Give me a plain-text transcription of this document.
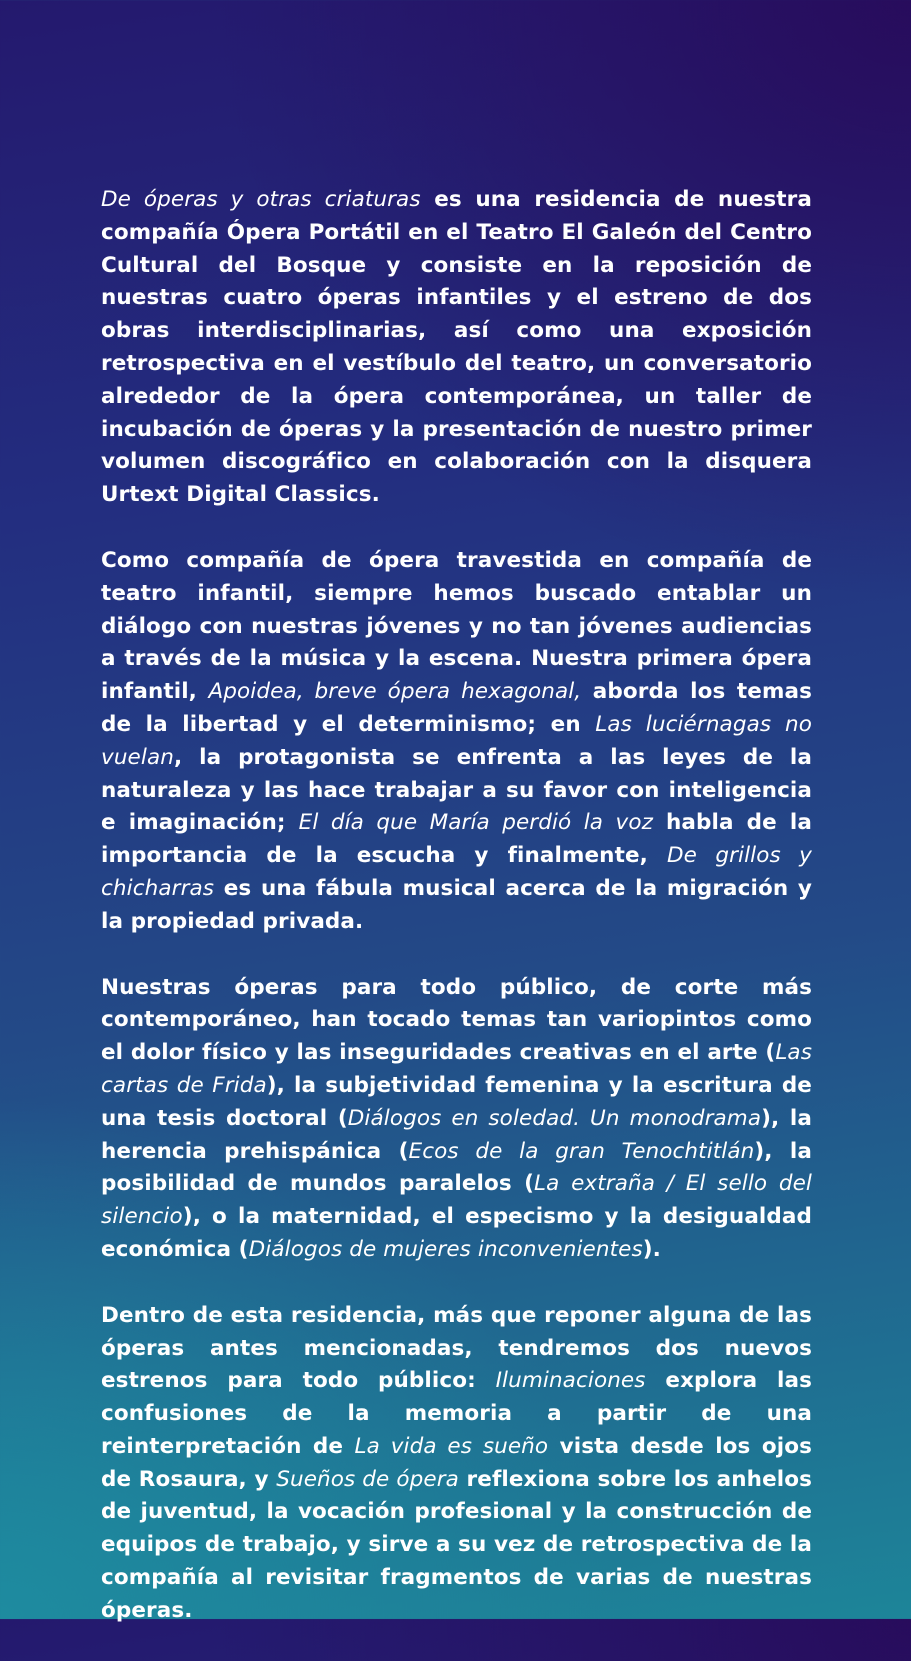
De óperas y otras criaturas es una residencia de nuestra compañía Ópera Portátil en el Teatro El Galeón del Centro Cultural del Bosque y consiste en la reposición de nuestras cuatro óperas infantiles y el estreno de dos obras interdisciplinarias, así como una exposición retrospectiva en el vestíbulo del teatro, un conversatorio alrededor de la ópera contemporánea, un taller de incubación de óperas y la presentación de nuestro primer volumen discográfico en colaboración con la disquera Urtext Digital Classics.

Como compañía de ópera travestida en compañía de teatro infantil, siempre hemos buscado entablar un diálogo con nuestras jóvenes y no tan jóvenes audiencias a través de la música y la escena. Nuestra primera ópera infantil, Apoidea, breve ópera hexagonal, aborda los temas de la libertad y el determinismo; en Las luciérnagas no vuelan, la protagonista se enfrenta a las leyes de la naturaleza y las hace trabajar a su favor con inteligencia e imaginación; El día que María perdió la voz habla de la importancia de la escucha y finalmente, De grillos y chicharras es una fábula musical acerca de la migración y la propiedad privada.

Nuestras óperas para todo público, de corte más contemporáneo, han tocado temas tan variopintos como el dolor físico y las inseguridades creativas en el arte (Las cartas de Frida), la subjetividad femenina y la escritura de una tesis doctoral (Diálogos en soledad. Un monodrama), la herencia prehispánica (Ecos de la gran Tenochtitlán), la posibilidad de mundos paralelos (La extraña / El sello del silencio), o la maternidad, el especismo y la desigualdad económica (Diálogos de mujeres inconvenientes).

Dentro de esta residencia, más que reponer alguna de las óperas antes mencionadas, tendremos dos nuevos estrenos para todo público: Iluminaciones explora las confusiones de la memoria a partir de una reinterpretación de La vida es sueño vista desde los ojos de Rosaura, y Sueños de ópera reflexiona sobre los anhelos de juventud, la vocación profesional y la construcción de equipos de trabajo, y sirve a su vez de retrospectiva de la compañía al revisitar fragmentos de varias de nuestras óperas.
